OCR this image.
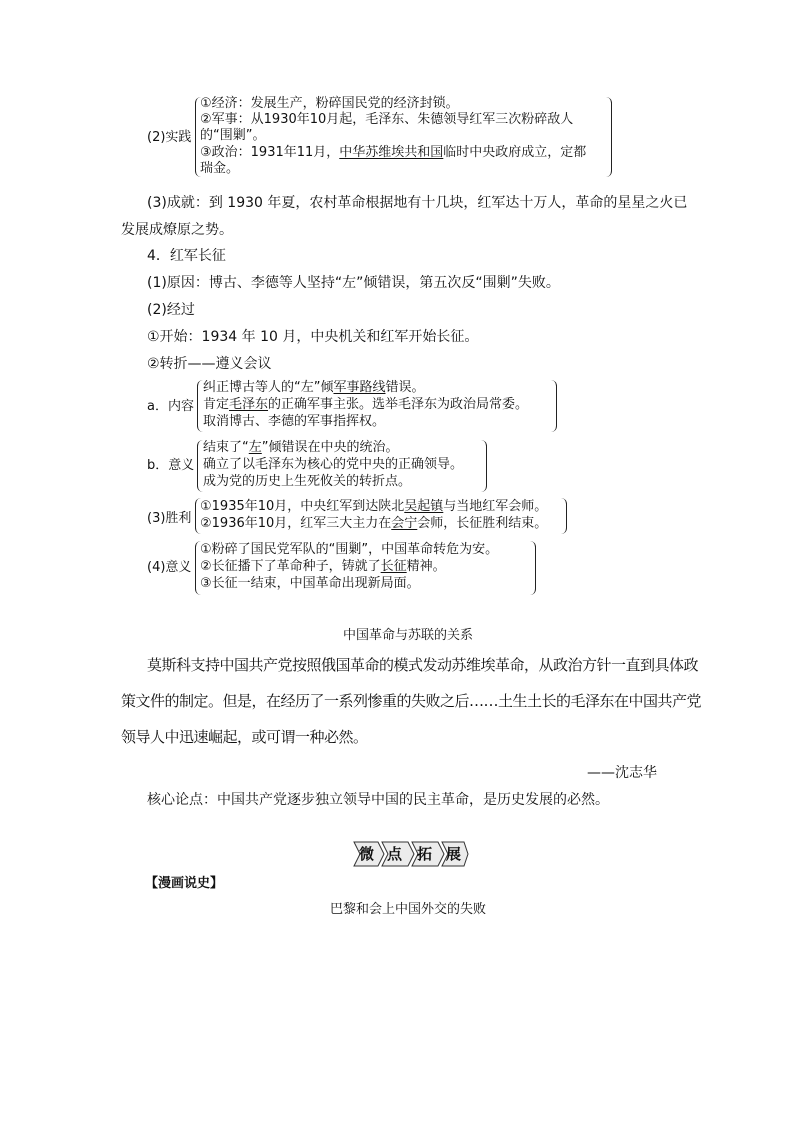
(2)实践
①经济：发展生产，粉碎国民党的经济封锁。
②军事：从1930年10月起，毛泽东、朱德领导红军三次粉碎敌人
的“围剿”。
③政治：1931年11月，中华苏维埃共和国临时中央政府成立，定都
瑞金。
(3)成就：到 1930 年夏，农村革命根据地有十几块，红军达十万人，革命的星星之火已
发展成燎原之势。
4．红军长征
(1)原因：博古、李德等人坚持“左”倾错误，第五次反“围剿”失败。
(2)经过
①开始：1934 年 10 月，中央机关和红军开始长征。
②转折——遵义会议
a．内容
纠正博古等人的“左”倾军事路线错误。
肯定毛泽东的正确军事主张。选举毛泽东为政治局常委。
取消博古、李德的军事指挥权。
b．意义
结束了“左”倾错误在中央的统治。
确立了以毛泽东为核心的党中央的正确领导。
成为党的历史上生死攸关的转折点。
(3)胜利
①1935年10月，中央红军到达陕北吴起镇与当地红军会师。
②1936年10月，红军三大主力在会宁会师，长征胜利结束。
(4)意义
①粉碎了国民党军队的“围剿”，中国革命转危为安。
②长征播下了革命种子，铸就了长征精神。
③长征一结束，中国革命出现新局面。
中国革命与苏联的关系
莫斯科支持中国共产党按照俄国革命的模式发动苏维埃革命，从政治方针一直到具体政
策文件的制定。但是，在经历了一系列惨重的失败之后……土生土长的毛泽东在中国共产党
领导人中迅速崛起，或可谓一种必然。
——沈志华
核心论点：中国共产党逐步独立领导中国的民主革命，是历史发展的必然。
微 点 拓 展
【漫画说史】
巴黎和会上中国外交的失败
